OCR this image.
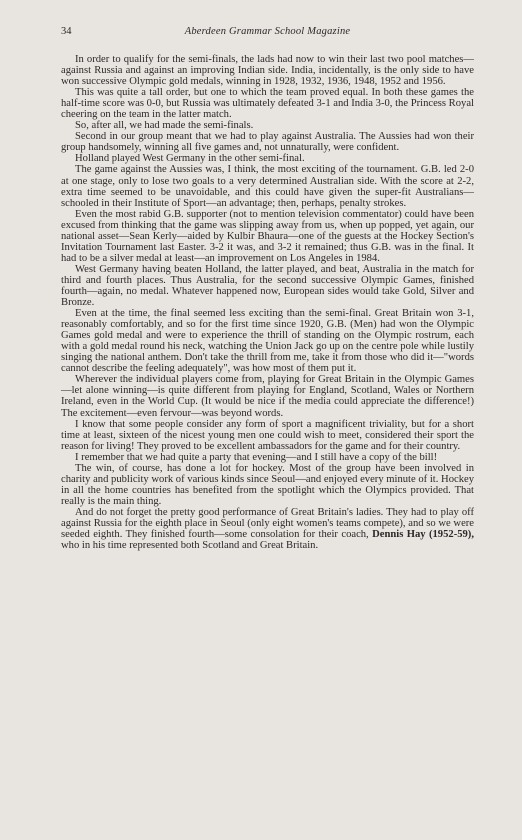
34	Aberdeen Grammar School Magazine

In order to qualify for the semi-finals, the lads had now to win their last two pool matches—against Russia and against an improving Indian side. India, incidentally, is the only side to have won successive Olympic gold medals, winning in 1928, 1932, 1936, 1948, 1952 and 1956.

This was quite a tall order, but one to which the team proved equal. In both these games the half-time score was 0-0, but Russia was ultimately defeated 3-1 and India 3-0, the Princess Royal cheering on the team in the latter match.

So, after all, we had made the semi-finals.

Second in our group meant that we had to play against Australia. The Aussies had won their group handsomely, winning all five games and, not unnaturally, were confident.

Holland played West Germany in the other semi-final.

The game against the Aussies was, I think, the most exciting of the tournament. G.B. led 2-0 at one stage, only to lose two goals to a very determined Australian side. With the score at 2-2, extra time seemed to be unavoidable, and this could have given the super-fit Australians—schooled in their Institute of Sport—an advantage; then, perhaps, penalty strokes.

Even the most rabid G.B. supporter (not to mention television commentator) could have been excused from thinking that the game was slipping away from us, when up popped, yet again, our national asset—Sean Kerly—aided by Kulbir Bhaura—one of the guests at the Hockey Section's Invitation Tournament last Easter. 3-2 it was, and 3-2 it remained; thus G.B. was in the final. It had to be a silver medal at least—an improvement on Los Angeles in 1984.

West Germany having beaten Holland, the latter played, and beat, Australia in the match for third and fourth places. Thus Australia, for the second successive Olympic Games, finished fourth—again, no medal. Whatever happened now, European sides would take Gold, Silver and Bronze.

Even at the time, the final seemed less exciting than the semi-final. Great Britain won 3-1, reasonably comfortably, and so for the first time since 1920, G.B. (Men) had won the Olympic Games gold medal and were to experience the thrill of standing on the Olympic rostrum, each with a gold medal round his neck, watching the Union Jack go up on the centre pole while lustily singing the national anthem. Don't take the thrill from me, take it from those who did it—"words cannot describe the feeling adequately", was how most of them put it.

Wherever the individual players come from, playing for Great Britain in the Olympic Games—let alone winning—is quite different from playing for England, Scotland, Wales or Northern Ireland, even in the World Cup. (It would be nice if the media could appreciate the difference!) The excitement—even fervour—was beyond words.

I know that some people consider any form of sport a magnificent triviality, but for a short time at least, sixteen of the nicest young men one could wish to meet, considered their sport the reason for living! They proved to be excellent ambassadors for the game and for their country.

I remember that we had quite a party that evening—and I still have a copy of the bill!

The win, of course, has done a lot for hockey. Most of the group have been involved in charity and publicity work of various kinds since Seoul—and enjoyed every minute of it. Hockey in all the home countries has benefited from the spotlight which the Olympics provided. That really is the main thing.

And do not forget the pretty good performance of Great Britain's ladies. They had to play off against Russia for the eighth place in Seoul (only eight women's teams compete), and so we were seeded eighth. They finished fourth—some consolation for their coach, Dennis Hay (1952-59), who in his time represented both Scotland and Great Britain.
